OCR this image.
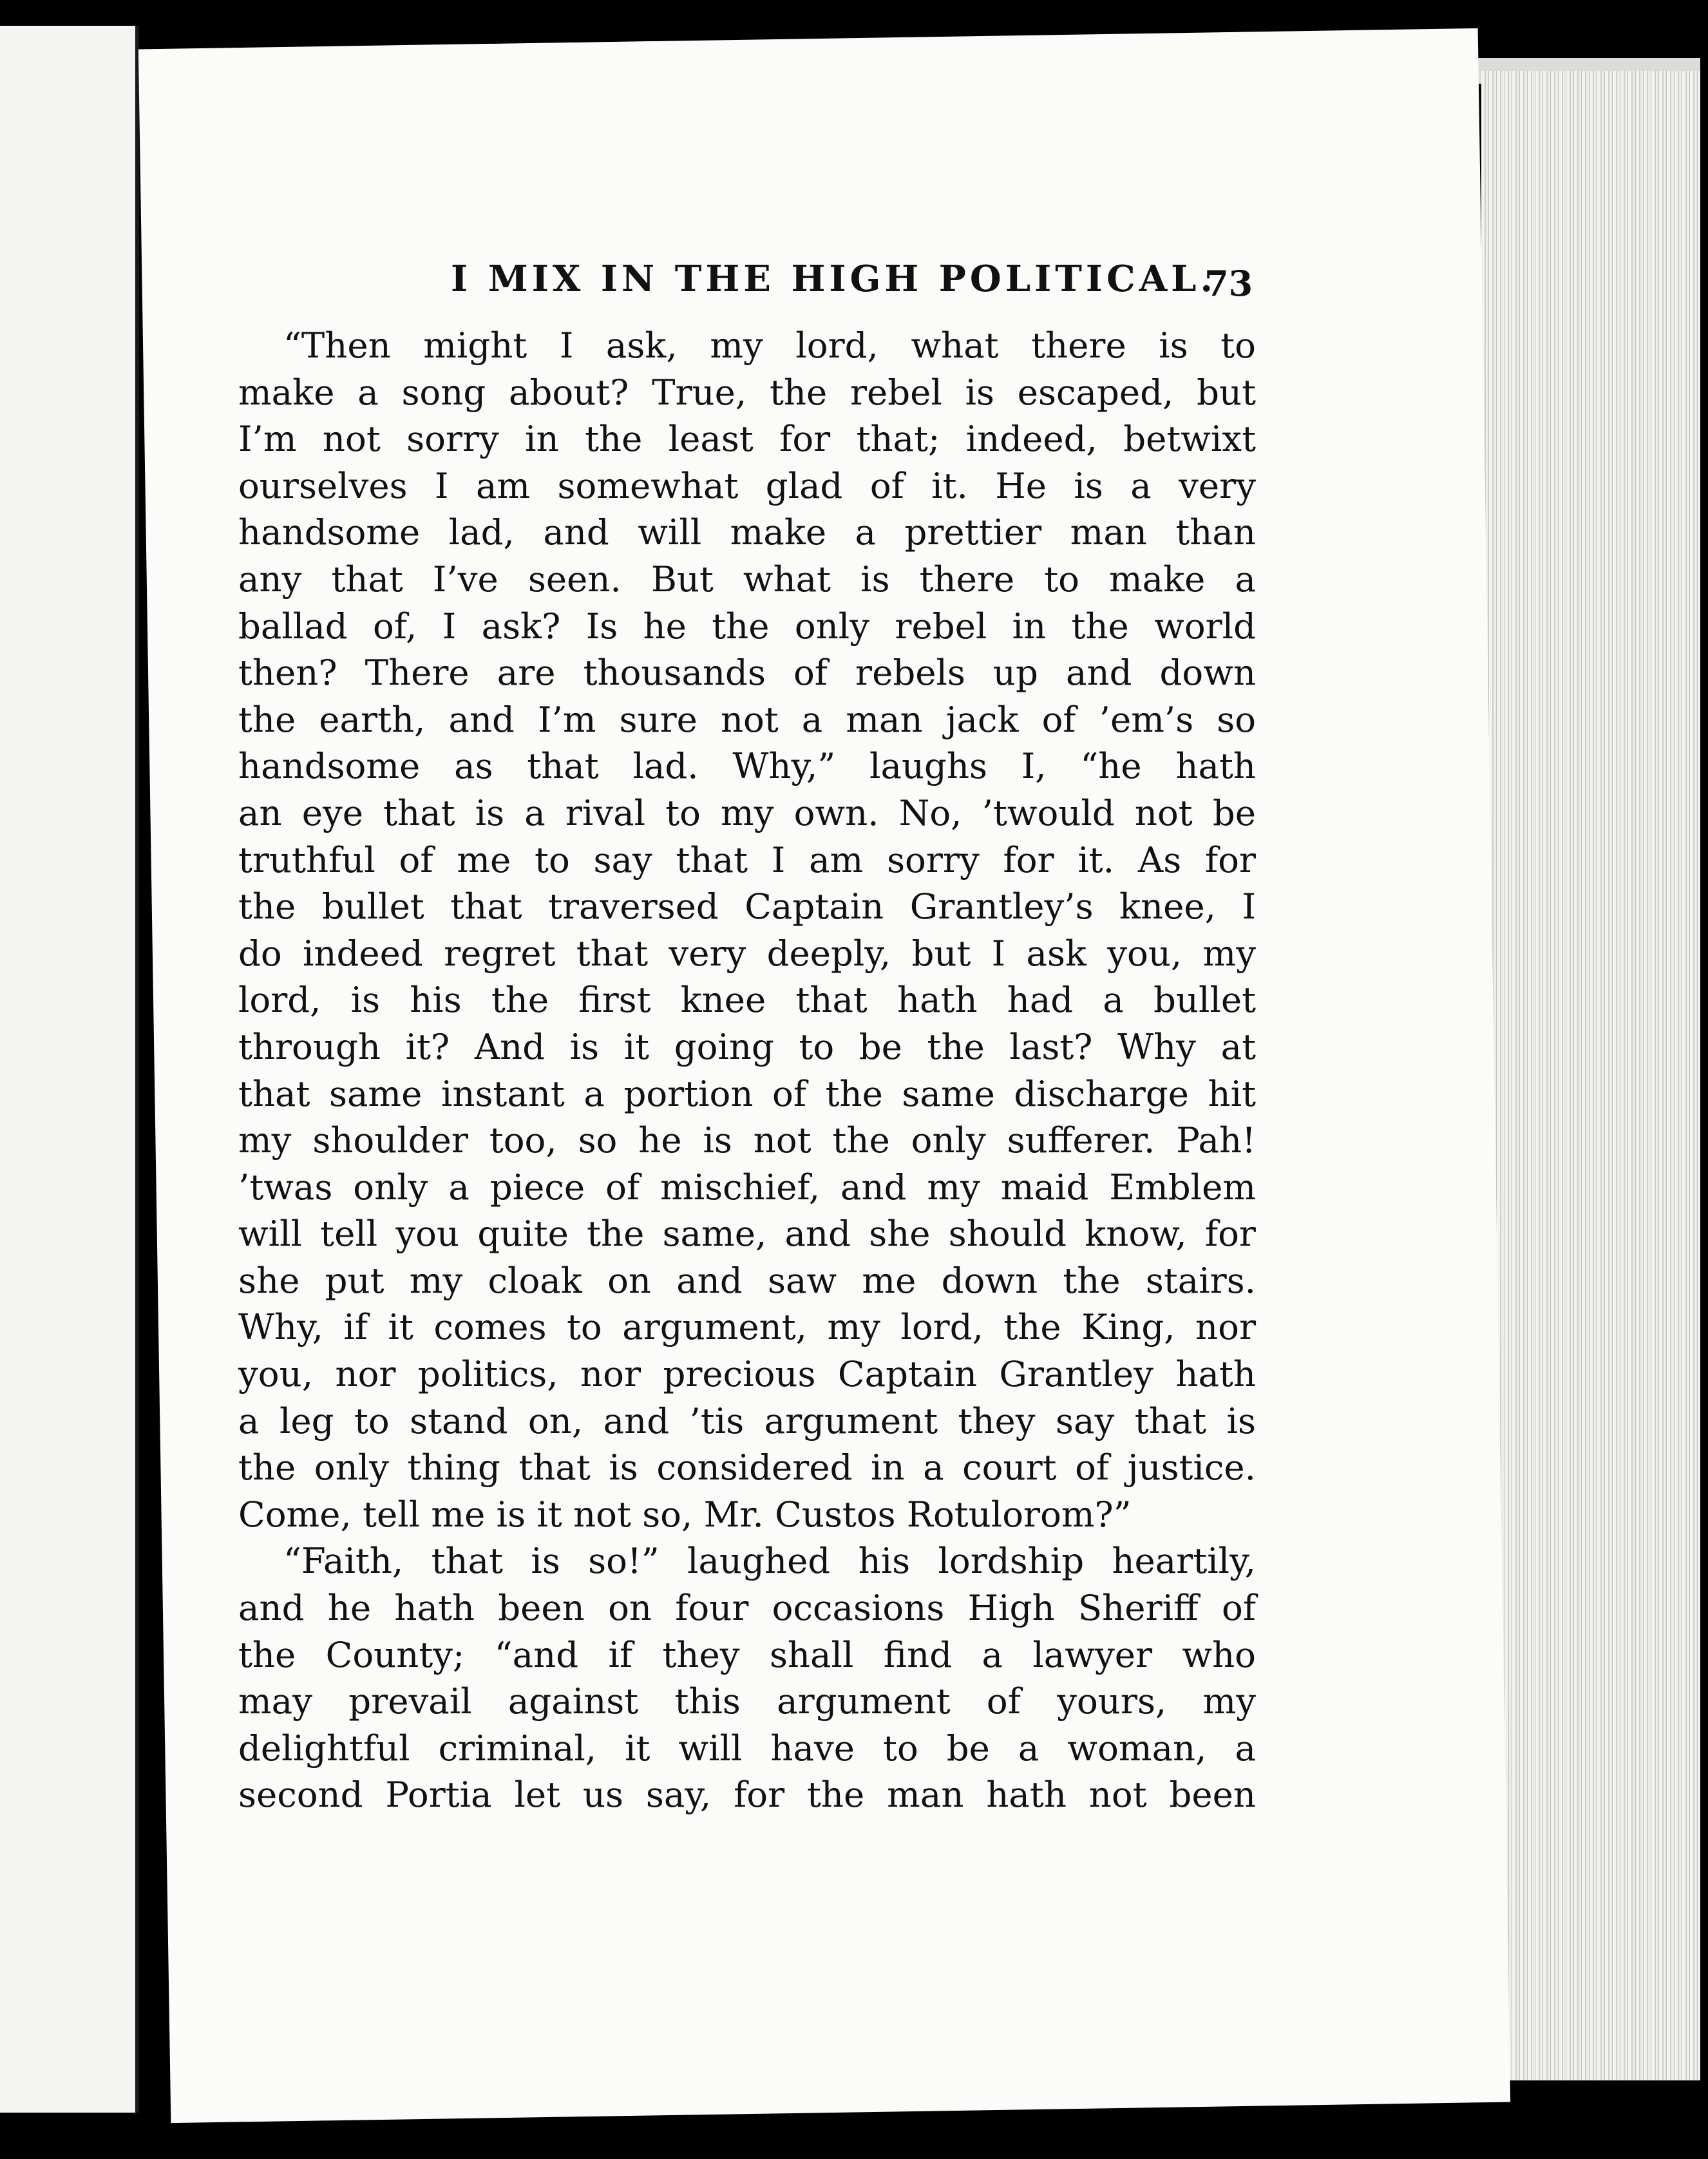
I MIX IN THE HIGH POLITICAL.
73
“Then might I ask, my lord, what there is to
make a song about? True, the rebel is escaped, but
I’m not sorry in the least for that; indeed, betwixt
ourselves I am somewhat glad of it. He is a very
handsome lad, and will make a prettier man than
any that I’ve seen. But what is there to make a
ballad of, I ask? Is he the only rebel in the world
then? There are thousands of rebels up and down
the earth, and I’m sure not a man jack of ’em’s so
handsome as that lad. Why,” laughs I, “he hath
an eye that is a rival to my own. No, ’twould not be
truthful of me to say that I am sorry for it. As for
the bullet that traversed Captain Grantley’s knee, I
do indeed regret that very deeply, but I ask you, my
lord, is his the first knee that hath had a bullet
through it? And is it going to be the last? Why at
that same instant a portion of the same discharge hit
my shoulder too, so he is not the only sufferer. Pah!
’twas only a piece of mischief, and my maid Emblem
will tell you quite the same, and she should know, for
she put my cloak on and saw me down the stairs.
Why, if it comes to argument, my lord, the King, nor
you, nor politics, nor precious Captain Grantley hath
a leg to stand on, and ’tis argument they say that is
the only thing that is considered in a court of justice.
Come, tell me is it not so, Mr. Custos Rotulorom?”
“Faith, that is so!” laughed his lordship heartily,
and he hath been on four occasions High Sheriff of
the County; “and if they shall find a lawyer who
may prevail against this argument of yours, my
delightful criminal, it will have to be a woman, a
second Portia let us say, for the man hath not been
